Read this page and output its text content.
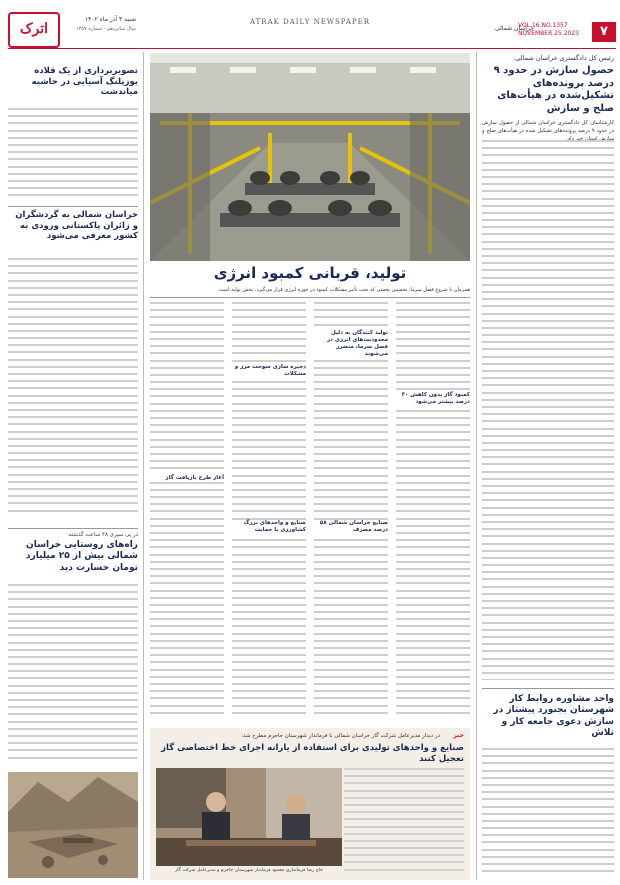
۷
VOL.16.NO.1357
NOVEMBER 25 2023
خراسان شمالی
ATRAK DAILY NEWSPAPER
اترک
شنبه ۴ آذر ماه ۱۴۰۲
سال شانزدهم - شماره ۱۳۵۷
رئیس کل دادگستری خراسان شمالی:
حصول سازش در حدود ۹ درصد پرونده‌های تشکیل‌شده در هیأت‌های صلح و سازش
کارشناسان کل دادگستری خراسان شمالی از حصول سازش در حدود ۹ درصد پرونده‌های تشکیل شده در هیأت‌های صلح و
واحد مشاوره روابط کار شهرستان بجنورد پیشتاز در سازش دعوی جامعه کار و تلاش
تولید، قربانی کمبود انرژی
همزمان با شروع فصل سرما، نخستین بخشی که تحت تأثیر مشکلات کمبود در حوزه انرژی قرار می‌گیرد، بخش تولید است.
کمبود گاز بدون کاهش ۳۰ درصد بیشتر می‌شود
تولید کنندگان به دلیل محدودیت‌های انرژی در فصل سرما، متضرر می‌شوند
ذخیره سازی سوخت مرز و مشکلات
صنایع خراسان شمالی ۵۸ درصد مصرف
صنایع و واحدهای بزرگ کشاورزی با حمایت
آغاز طرح بازیافت گاز
خبر
در دیدار مدیرعامل شرکت گاز خراسان شمالی با فرماندار شهرستان جاجرم مطرح شد:
صنایع و واحدهای تولیدی برای استفاده از یارانه اجرای خط اختصاصی گاز تعجیل کنند
حاج رضا فرمانداری محمود فرماندار شهرستان جاجرم و مدیرعامل شرکت گاز
تصویربرداری از یک قلاده یوزپلنگ آسیایی در حاشیه میاندشت
خراسان شمالی به گردشگران و زائران پاکستانی ورودی به کشور معرفی می‌شود
در پی سپری ۴۸ ساعت گذشته:
راه‌های روستایی خراسان شمالی بیش از ۲۵ میلیارد تومان خسارت دید
